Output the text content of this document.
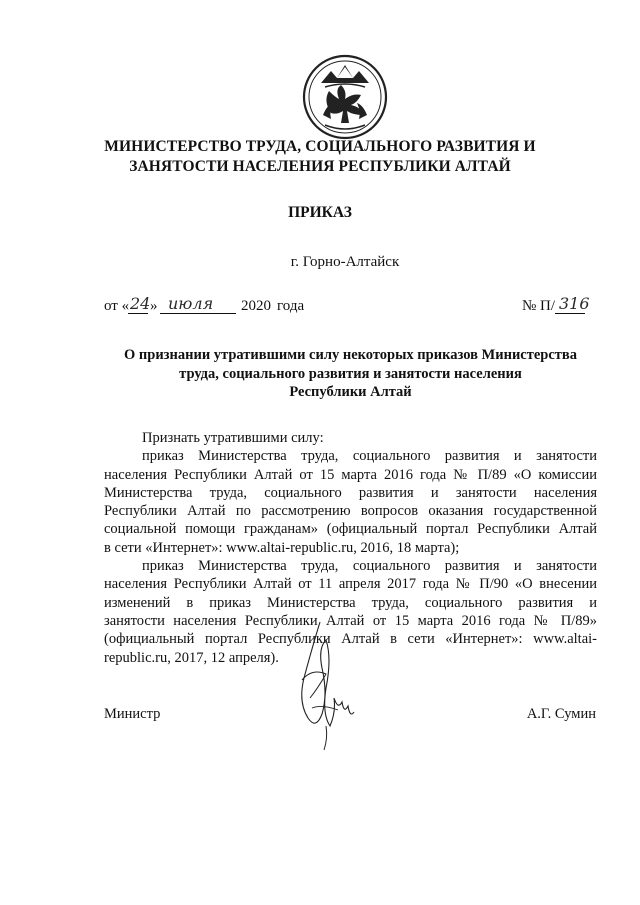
МИНИСТЕРСТВО ТРУДА, СОЦИАЛЬНОГО РАЗВИТИЯ И
ЗАНЯТОСТИ НАСЕЛЕНИЯ РЕСПУБЛИКИ АЛТАЙ
ПРИКАЗ
г. Горно-Алтайск
от « 24 » июля 2020 года	№ П/ 316
О признании утратившими силу некоторых приказов Министерства
труда, социального развития и занятости населения
Республики Алтай
Признать утратившими силу:
приказ Министерства труда, социального развития и занятости
населения Республики Алтай от 15 марта 2016 года № П/89 «О комиссии
Министерства труда, социального развития и занятости населения
Республики Алтай по рассмотрению вопросов оказания государственной
социальной помощи гражданам» (официальный портал Республики Алтай
в сети «Интернет»: www.altai-republic.ru, 2016, 18 марта);
приказ Министерства труда, социального развития и занятости
населения Республики Алтай от 11 апреля 2017 года № П/90 «О внесении
изменений в приказ Министерства труда, социального развития и
занятости населения Республики Алтай от 15 марта 2016 года № П/89»
(официальный портал Республики Алтай в сети «Интернет»: www.altai-
republic.ru, 2017, 12 апреля).
Министр	А.Г. Сумин
